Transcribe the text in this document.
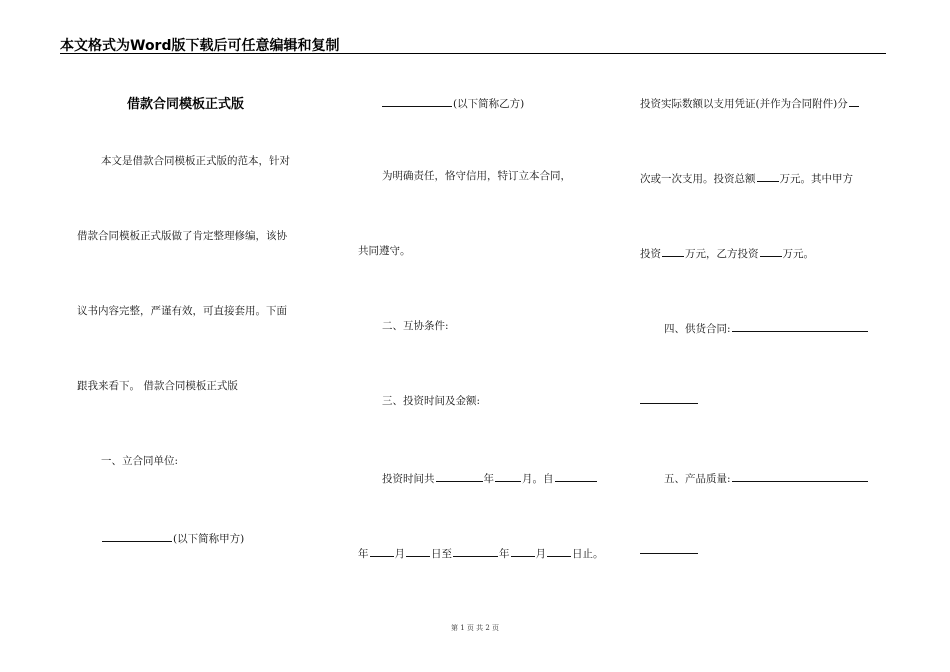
本文格式为Word版下载后可任意编辑和复制
借款合同模板正式版
本文是借款合同模板正式版的范本，针对
借款合同模板正式版做了肯定整理修编，该协
议书内容完整，严谨有效，可直接套用。下面
跟我来看下。 借款合同模板正式版
一、立合同单位:
(以下简称甲方)
(以下简称乙方)
为明确责任，恪守信用，特订立本合同，
共同遵守。
二、互协条件:
三、投资时间及金额:
投资时间共	年	月。自
年 月 日至	年 月 日止。
投资实际数额以支用凭证(并作为合同附件)分
次或一次支用。投资总额 万元。其中甲方
投资 万元，乙方投资 万元。
四、供货合同:
五、产品质量:
第 1 页 共 2 页
